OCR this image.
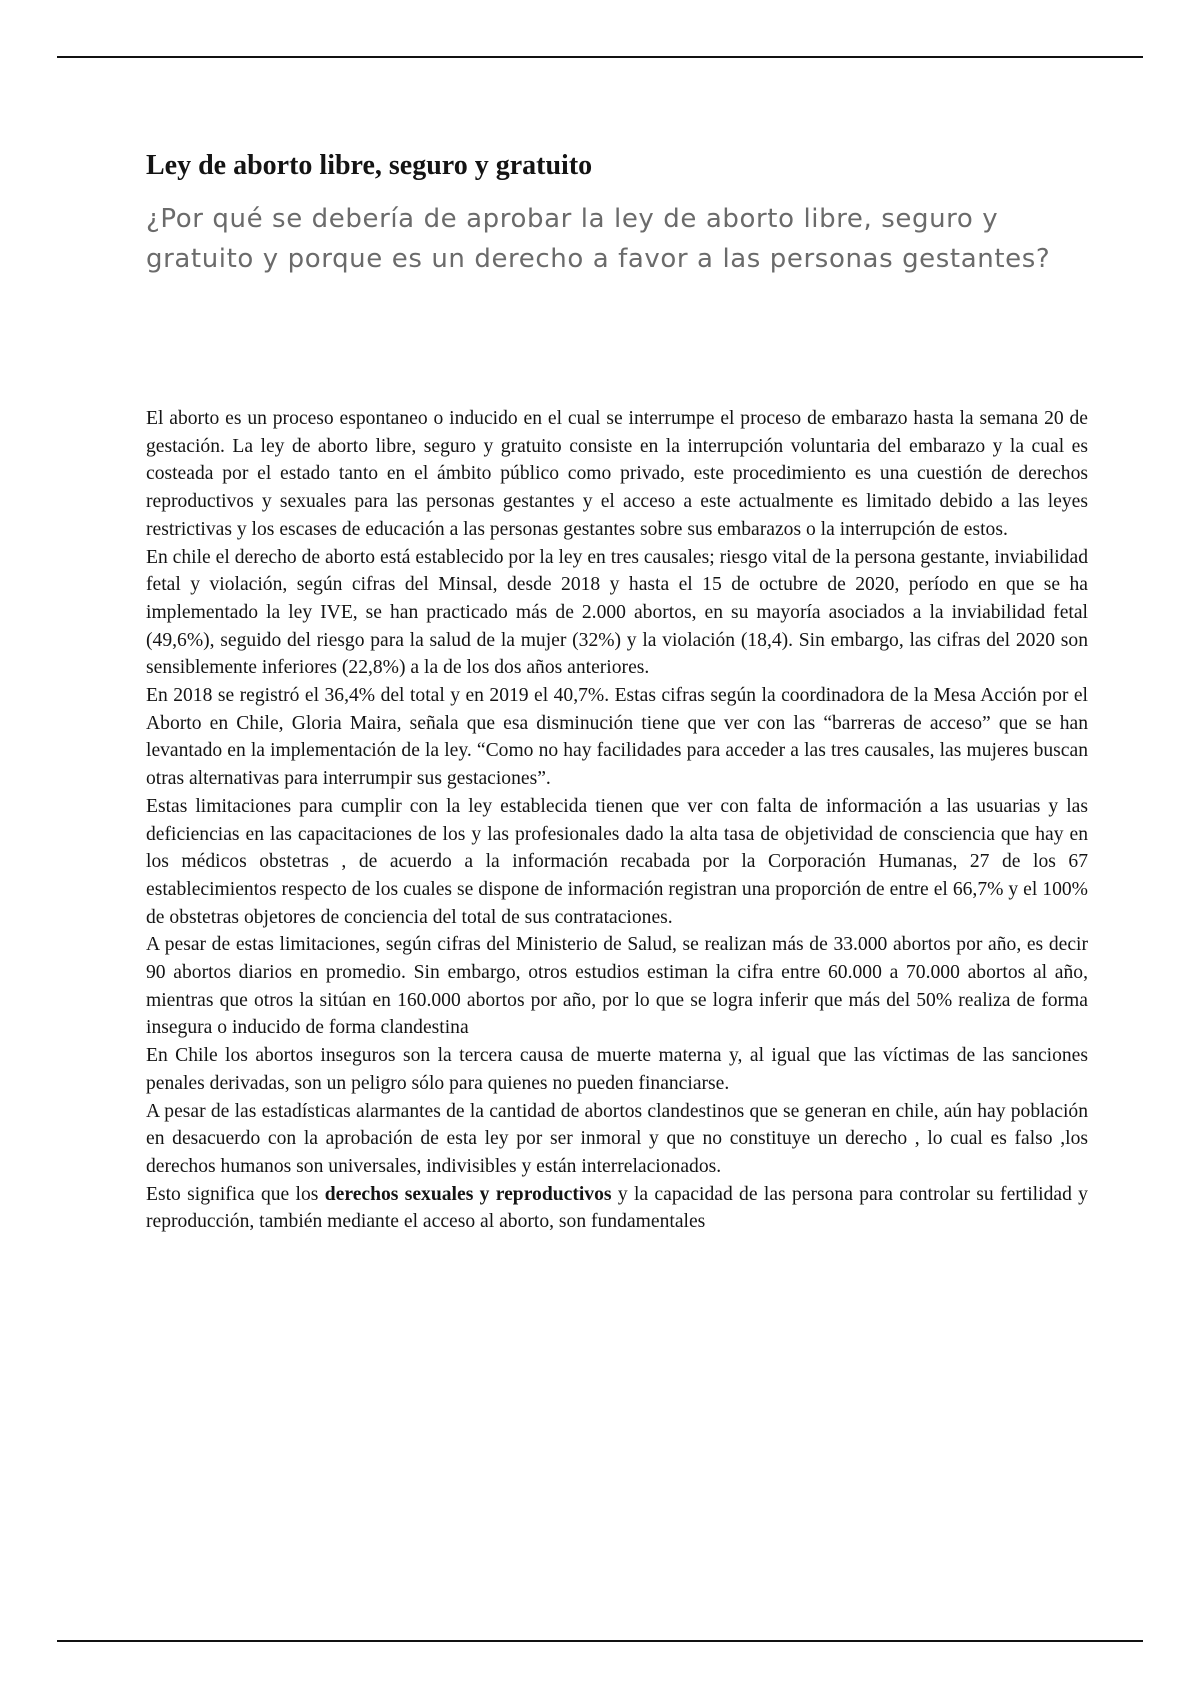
Ley de aborto libre, seguro y gratuito
¿Por qué se debería de aprobar la ley de aborto libre, seguro y gratuito y porque es un derecho a favor a las personas gestantes?

El aborto es un proceso espontaneo o inducido en el cual se interrumpe el proceso de embarazo hasta la semana 20 de gestación. La ley de aborto libre, seguro y gratuito consiste en la interrupción voluntaria del embarazo y la cual es costeada por el estado tanto en el ámbito público como privado, este procedimiento es una cuestión de derechos reproductivos y sexuales para las personas gestantes y el acceso a este actualmente es limitado debido a las leyes restrictivas y los escases de educación a las personas gestantes sobre sus embarazos o la interrupción de estos.

En chile el derecho de aborto está establecido por la ley en tres causales; riesgo vital de la persona gestante, inviabilidad fetal y violación, según cifras del Minsal, desde 2018 y hasta el 15 de octubre de 2020, período en que se ha implementado la ley IVE, se han practicado más de 2.000 abortos, en su mayoría asociados a la inviabilidad fetal (49,6%), seguido del riesgo para la salud de la mujer (32%) y la violación (18,4). Sin embargo, las cifras del 2020 son sensiblemente inferiores (22,8%) a la de los dos años anteriores.

En 2018 se registró el 36,4% del total y en 2019 el 40,7%. Estas cifras según la coordinadora de la Mesa Acción por el Aborto en Chile, Gloria Maira, señala que esa disminución tiene que ver con las “barreras de acceso” que se han levantado en la implementación de la ley. “Como no hay facilidades para acceder a las tres causales, las mujeres buscan otras alternativas para interrumpir sus gestaciones”.

Estas limitaciones para cumplir con la ley establecida tienen que ver con falta de información a las usuarias y las deficiencias en las capacitaciones de los y las profesionales dado la alta tasa de objetividad de consciencia que hay en los médicos obstetras , de acuerdo a la información recabada por la Corporación Humanas, 27 de los 67 establecimientos respecto de los cuales se dispone de información registran una proporción de entre el 66,7% y el 100% de obstetras objetores de conciencia del total de sus contrataciones.

A pesar de estas limitaciones, según cifras del Ministerio de Salud, se realizan más de 33.000 abortos por año, es decir 90 abortos diarios en promedio. Sin embargo, otros estudios estiman la cifra entre 60.000 a 70.000 abortos al año, mientras que otros la sitúan en 160.000 abortos por año, por lo que se logra inferir que más del 50% realiza de forma insegura o inducido de forma clandestina

En Chile los abortos inseguros son la tercera causa de muerte materna y, al igual que las víctimas de las sanciones penales derivadas, son un peligro sólo para quienes no pueden financiarse.

A pesar de las estadísticas alarmantes de la cantidad de abortos clandestinos que se generan en chile, aún hay población en desacuerdo con la aprobación de esta ley por ser inmoral y que no constituye un derecho , lo cual es falso ,los derechos humanos son universales, indivisibles y están interrelacionados.

Esto significa que los derechos sexuales y reproductivos y la capacidad de las persona para controlar su fertilidad y reproducción, también mediante el acceso al aborto, son fundamentales
